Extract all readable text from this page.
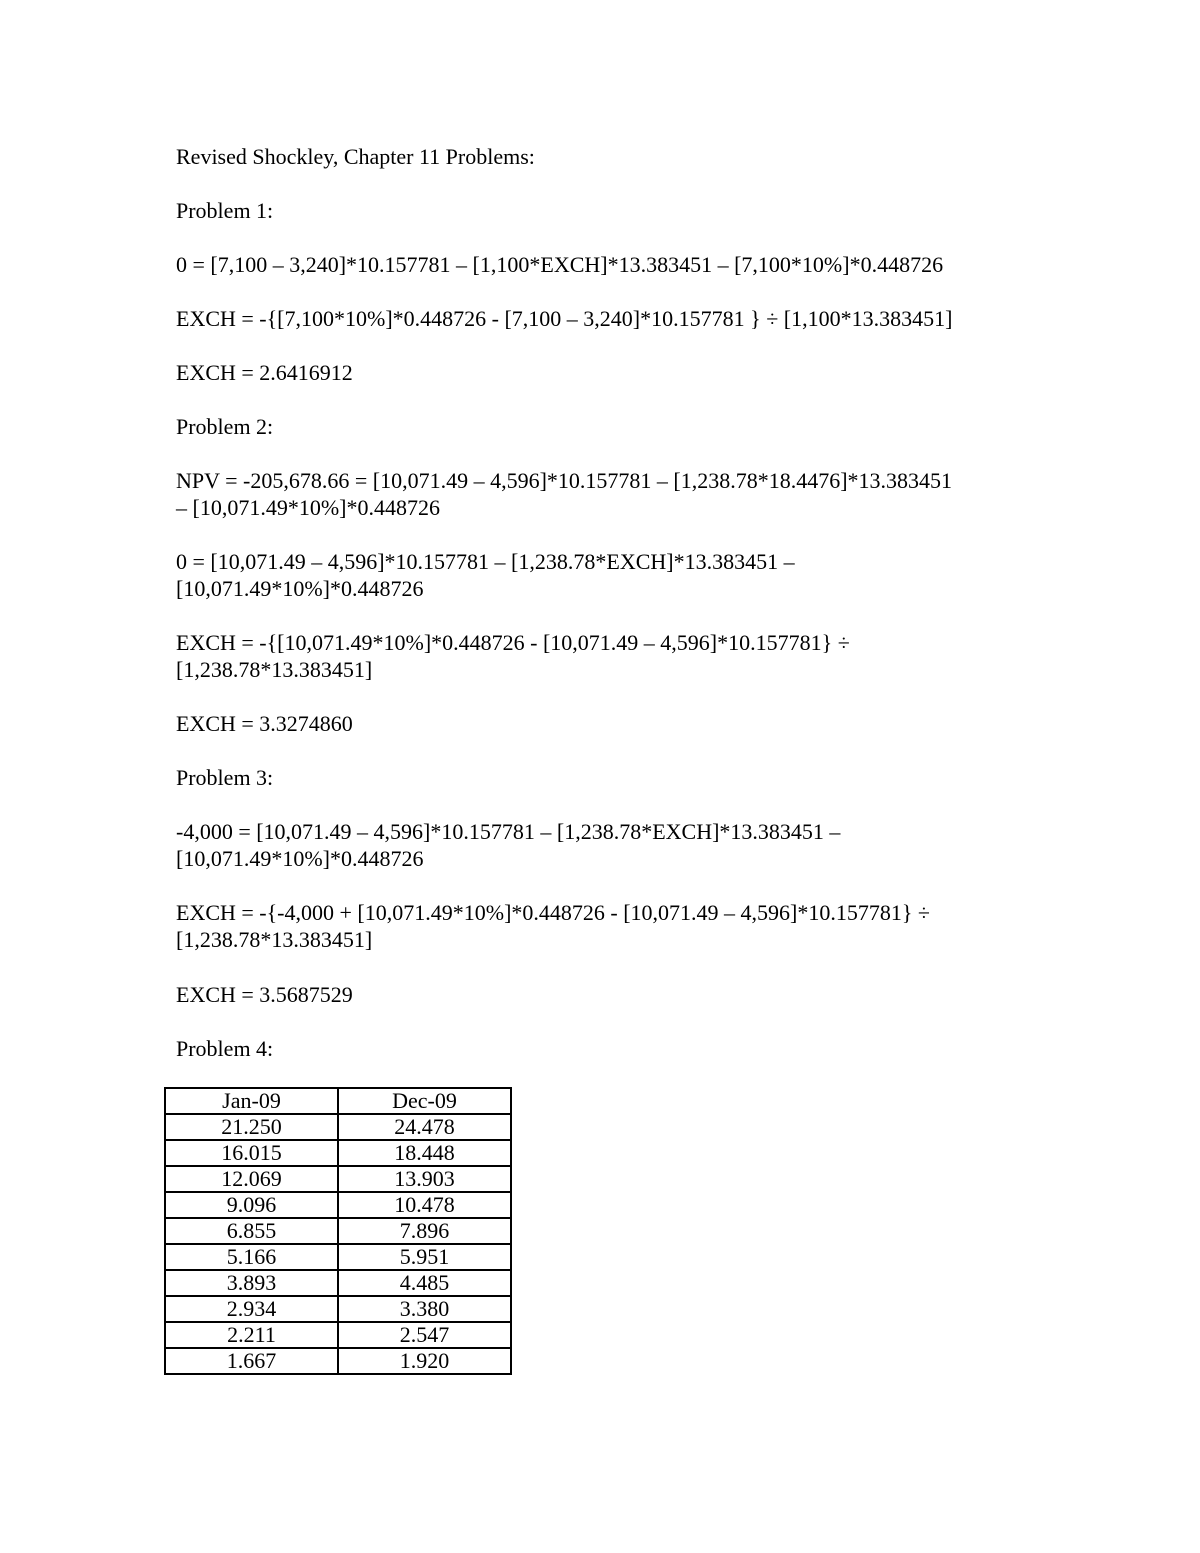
Revised Shockley, Chapter 11 Problems:
Problem 1:
0 = [7,100 – 3,240]*10.157781 – [1,100*EXCH]*13.383451 – [7,100*10%]*0.448726
EXCH = -{[7,100*10%]*0.448726 - [7,100 – 3,240]*10.157781 } ÷ [1,100*13.383451]
EXCH = 2.6416912
Problem 2:
NPV = -205,678.66 = [10,071.49 – 4,596]*10.157781 – [1,238.78*18.4476]*13.383451
– [10,071.49*10%]*0.448726
0 = [10,071.49 – 4,596]*10.157781 – [1,238.78*EXCH]*13.383451 –
[10,071.49*10%]*0.448726
EXCH = -{[10,071.49*10%]*0.448726 - [10,071.49 – 4,596]*10.157781} ÷
[1,238.78*13.383451]
EXCH = 3.3274860
Problem 3:
-4,000 = [10,071.49 – 4,596]*10.157781 – [1,238.78*EXCH]*13.383451 –
[10,071.49*10%]*0.448726
EXCH = -{-4,000 + [10,071.49*10%]*0.448726 - [10,071.49 – 4,596]*10.157781} ÷
[1,238.78*13.383451]
EXCH = 3.5687529
Problem 4:
Jan-09	Dec-09
21.250	24.478
16.015	18.448
12.069	13.903
9.096	10.478
6.855	7.896
5.166	5.951
3.893	4.485
2.934	3.380
2.211	2.547
1.667	1.920
